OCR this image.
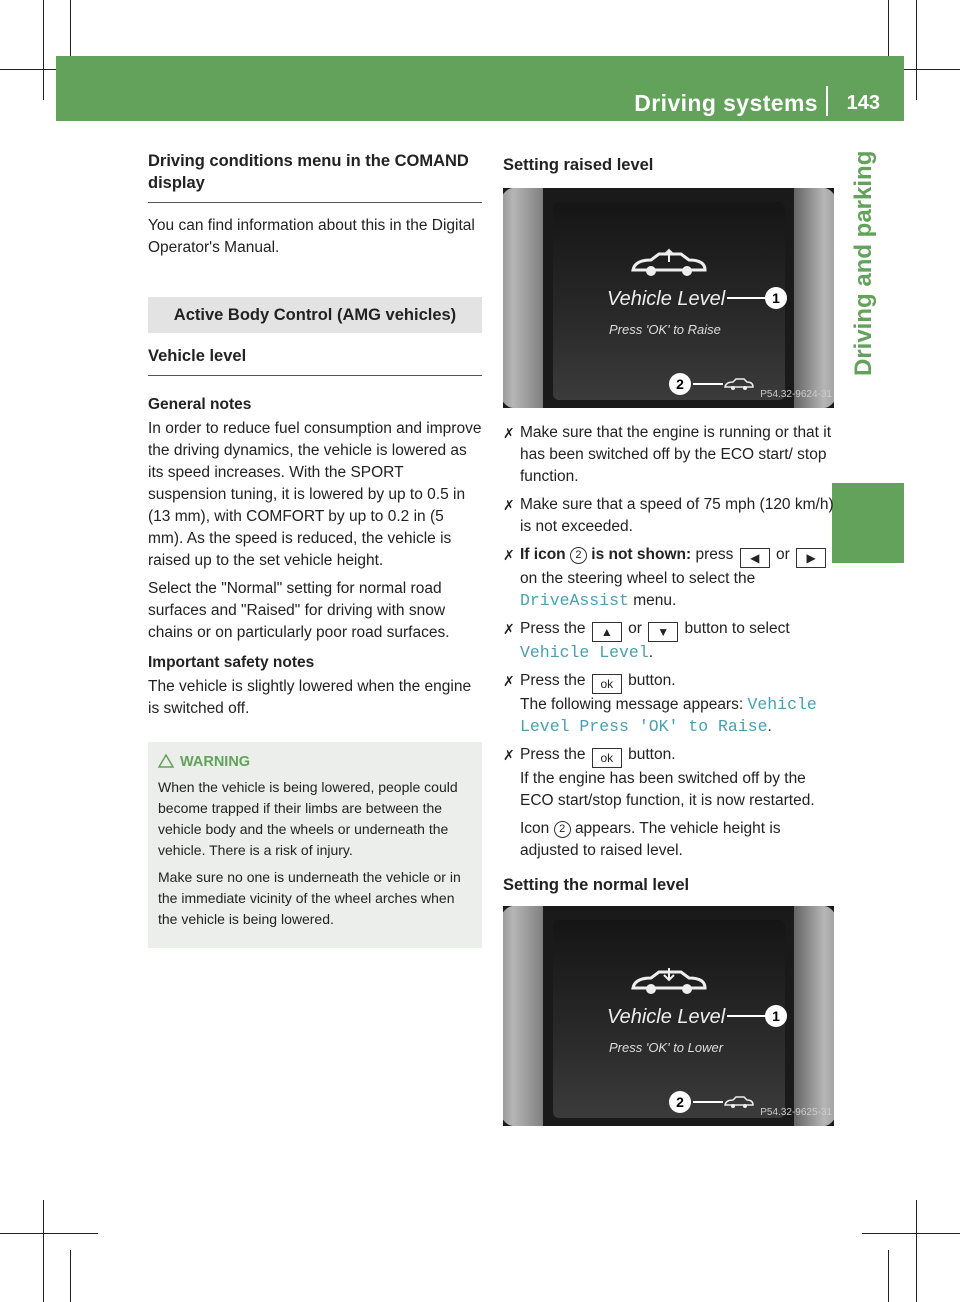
Driving systems 143
Driving and parking
Driving conditions menu in the COMAND display

You can find information about this in the Digital Operator's Manual.

Active Body Control (AMG vehicles)
Vehicle level

General notes

In order to reduce fuel consumption and improve the driving dynamics, the vehicle is lowered as its speed increases. With the SPORT suspension tuning, it is lowered by up to 0.5 in (13 mm), with COMFORT by up to 0.2 in (5 mm). As the speed is reduced, the vehicle is raised up to the set vehicle height.

Select the "Normal" setting for normal road surfaces and "Raised" for driving with snow chains or on particularly poor road surfaces.

Important safety notes

The vehicle is slightly lowered when the engine is switched off.

WARNING

When the vehicle is being lowered, people could become trapped if their limbs are between the vehicle body and the wheels or underneath the vehicle. There is a risk of injury.

Make sure no one is underneath the vehicle or in the immediate vicinity of the wheel arches when the vehicle is being lowered.

Setting raised level
Vehicle Level	1
Press 'OK' to Raise
2
P54.32-9624-31
✗ Make sure that the engine is running or that it has been switched off by the ECO start/ stop function.
✗ Make sure that a speed of 75 mph (120 km/h) is not exceeded.
✗ If icon 2 is not shown: press ◀ or ▶ on the steering wheel to select the DriveAssist menu.
✗ Press the ▲ or ▼ button to select Vehicle Level.
✗ Press the ok button.
The following message appears: Vehicle Level Press 'OK' to Raise.
✗ Press the ok button.
If the engine has been switched off by the ECO start/stop function, it is now restarted.
Icon 2 appears. The vehicle height is adjusted to raised level.
Setting the normal level
Vehicle Level	1
Press 'OK' to Lower
2
P54.32-9625-31
